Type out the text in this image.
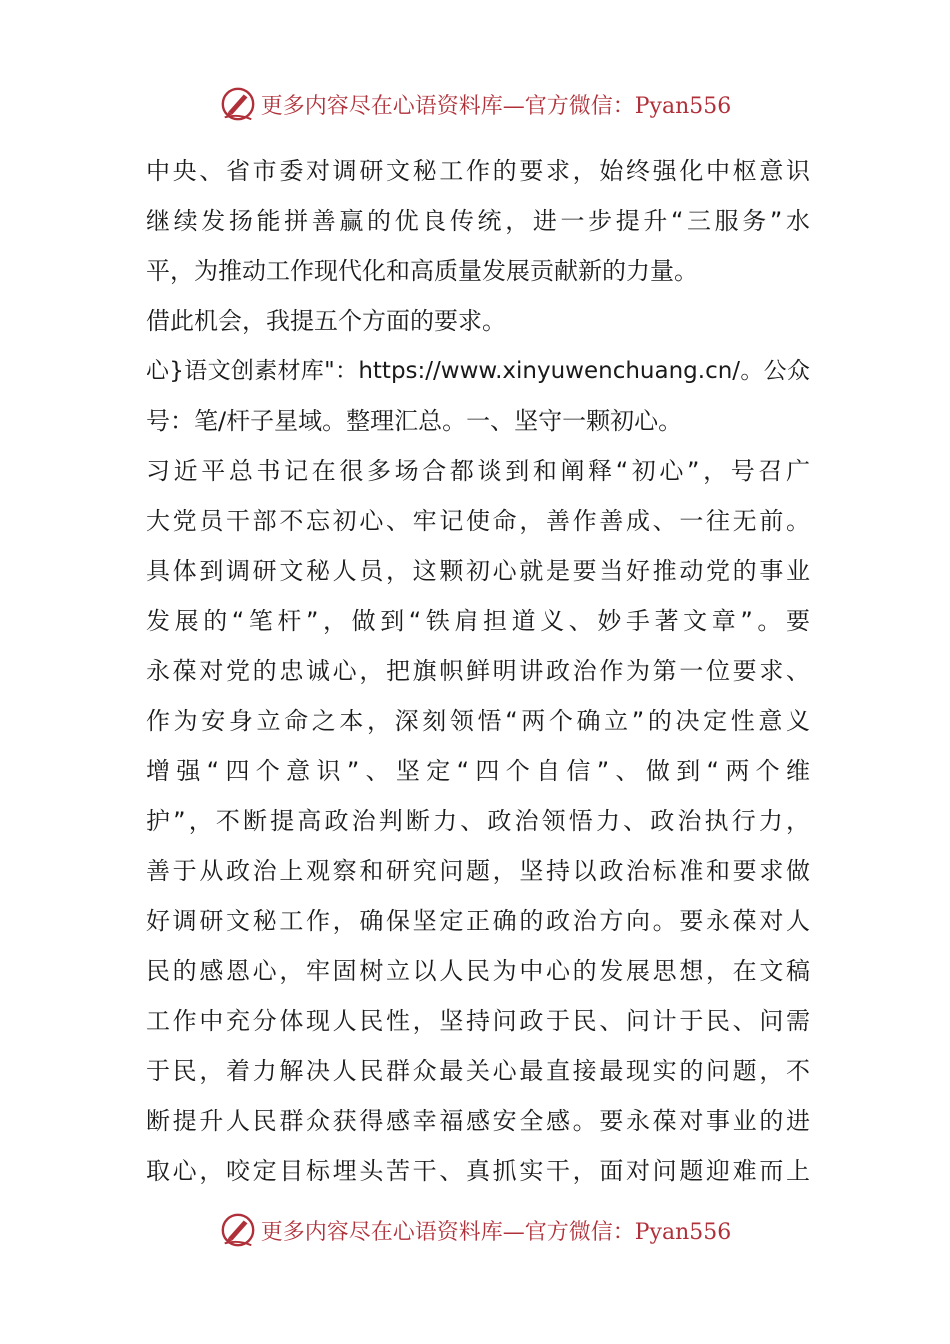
更多内容尽在心语资料库—官方微信：Pyan556
中央、省市委对调研文秘工作的要求，始终强化中枢意识
继续发扬能拼善赢的优良传统，进一步提升“三服务”水
平，为推动工作现代化和高质量发展贡献新的力量。
借此机会，我提五个方面的要求。
心}语文创素材库"：https://www.xinyuwenchuang.cn/。公众
号：笔/杆子星域。整理汇总。一、坚守一颗初心。
习近平总书记在很多场合都谈到和阐释“初心”，号召广
大党员干部不忘初心、牢记使命，善作善成、一往无前。
具体到调研文秘人员，这颗初心就是要当好推动党的事业
发展的“笔杆”，做到“铁肩担道义、妙手著文章”。要
永葆对党的忠诚心，把旗帜鲜明讲政治作为第一位要求、
作为安身立命之本，深刻领悟“两个确立”的决定性意义
增强“四个意识”、坚定“四个自信”、做到“两个维
护”，不断提高政治判断力、政治领悟力、政治执行力，
善于从政治上观察和研究问题，坚持以政治标准和要求做
好调研文秘工作，确保坚定正确的政治方向。要永葆对人
民的感恩心，牢固树立以人民为中心的发展思想，在文稿
工作中充分体现人民性，坚持问政于民、问计于民、问需
于民，着力解决人民群众最关心最直接最现实的问题，不
断提升人民群众获得感幸福感安全感。要永葆对事业的进
取心，咬定目标埋头苦干、真抓实干，面对问题迎难而上
更多内容尽在心语资料库—官方微信：Pyan556
